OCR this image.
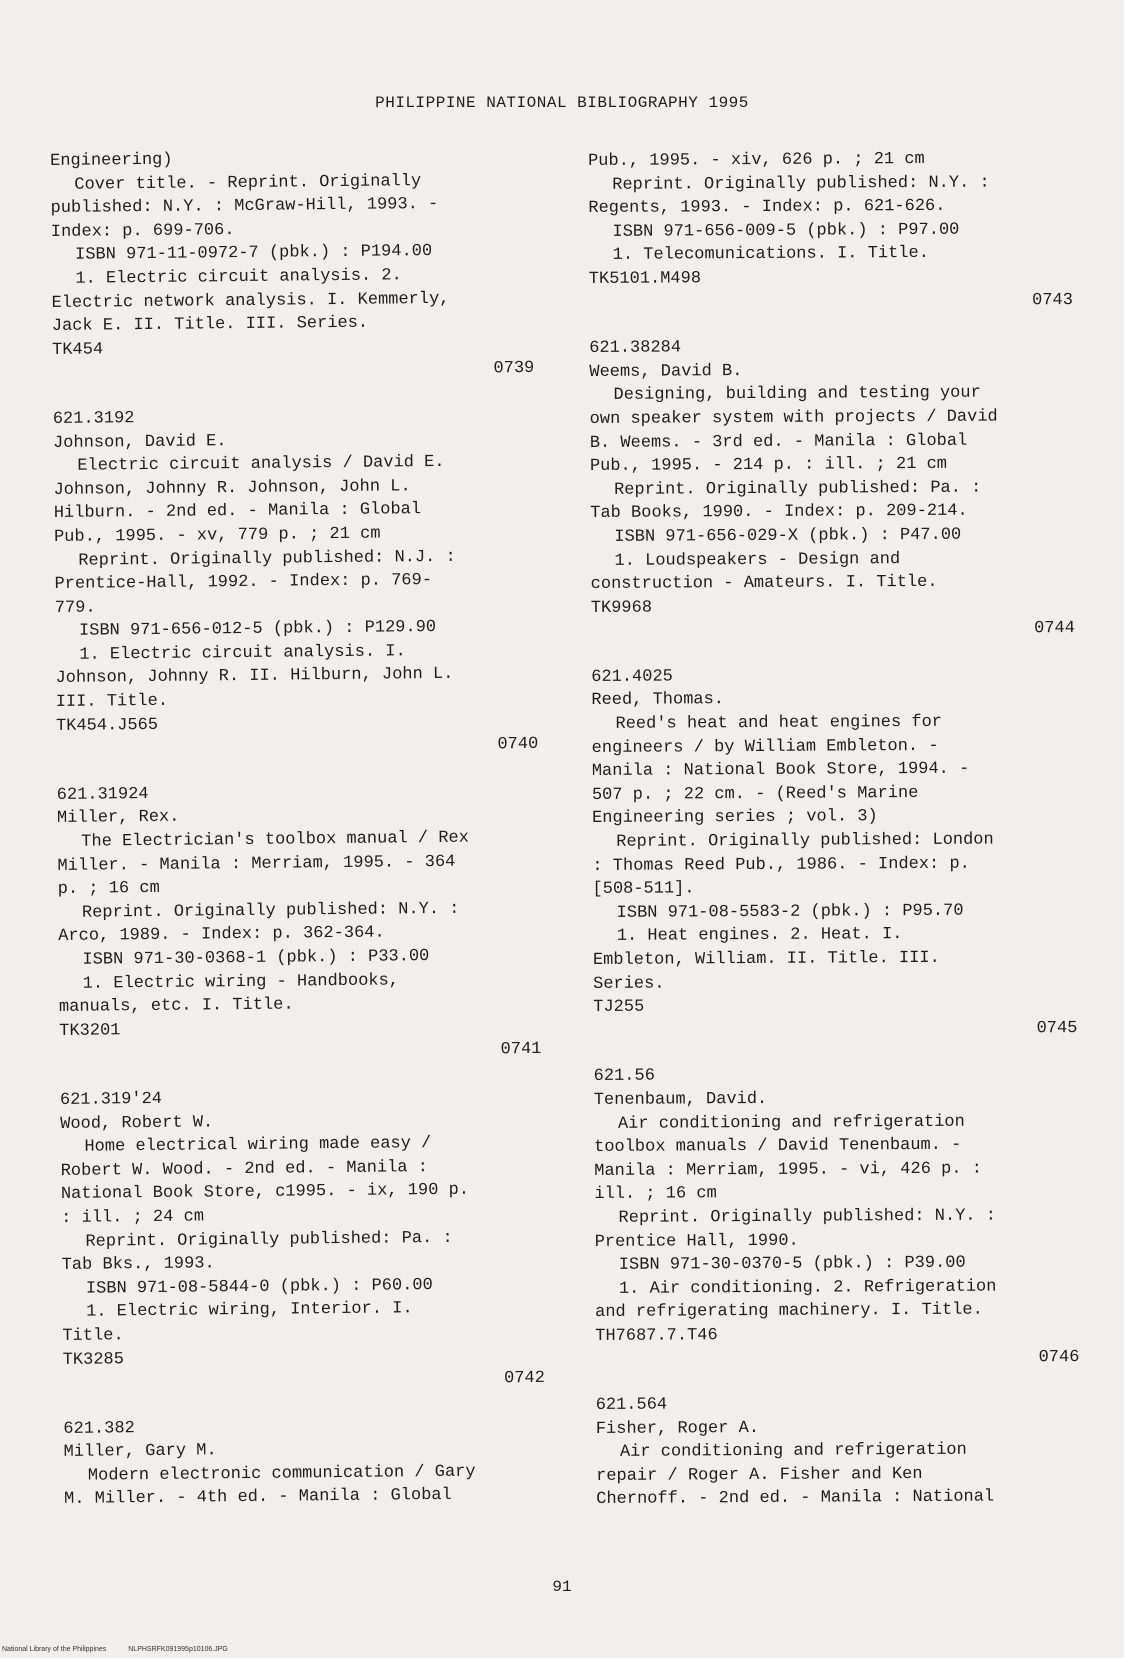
PHILIPPINE NATIONAL BIBLIOGRAPHY 1995
Engineering)
Cover title. - Reprint. Originally
published: N.Y. : McGraw-Hill, 1993. -
Index: p. 699-706.
ISBN 971-11-0972-7 (pbk.) : P194.00
1. Electric circuit analysis. 2.
Electric network analysis. I. Kemmerly,
Jack E. II. Title. III. Series.
TK454
0739
621.3192
Johnson, David E.
Electric circuit analysis / David E.
Johnson, Johnny R. Johnson, John L.
Hilburn. - 2nd ed. - Manila : Global
Pub., 1995. - xv, 779 p. ; 21 cm
Reprint. Originally published: N.J. :
Prentice-Hall, 1992. - Index: p. 769-
779.
ISBN 971-656-012-5 (pbk.) : P129.90
1. Electric circuit analysis. I.
Johnson, Johnny R. II. Hilburn, John L.
III. Title.
TK454.J565
0740
621.31924
Miller, Rex.
The Electrician's toolbox manual / Rex
Miller. - Manila : Merriam, 1995. - 364
p. ; 16 cm
Reprint. Originally published: N.Y. :
Arco, 1989. - Index: p. 362-364.
ISBN 971-30-0368-1 (pbk.) : P33.00
1. Electric wiring - Handbooks,
manuals, etc. I. Title.
TK3201
0741
621.319'24
Wood, Robert W.
Home electrical wiring made easy /
Robert W. Wood. - 2nd ed. - Manila :
National Book Store, c1995. - ix, 190 p.
: ill. ; 24 cm
Reprint. Originally published: Pa. :
Tab Bks., 1993.
ISBN 971-08-5844-0 (pbk.) : P60.00
1. Electric wiring, Interior. I.
Title.
TK3285
0742
621.382
Miller, Gary M.
Modern electronic communication / Gary
M. Miller. - 4th ed. - Manila : Global
Pub., 1995. - xiv, 626 p. ; 21 cm
Reprint. Originally published: N.Y. :
Regents, 1993. - Index: p. 621-626.
ISBN 971-656-009-5 (pbk.) : P97.00
1. Telecomunications. I. Title.
TK5101.M498
0743
621.38284
Weems, David B.
Designing, building and testing your
own speaker system with projects / David
B. Weems. - 3rd ed. - Manila : Global
Pub., 1995. - 214 p. : ill. ; 21 cm
Reprint. Originally published: Pa. :
Tab Books, 1990. - Index: p. 209-214.
ISBN 971-656-029-X (pbk.) : P47.00
1. Loudspeakers - Design and
construction - Amateurs. I. Title.
TK9968
0744
621.4025
Reed, Thomas.
Reed's heat and heat engines for
engineers / by William Embleton. -
Manila : National Book Store, 1994. -
507 p. ; 22 cm. - (Reed's Marine
Engineering series ; vol. 3)
Reprint. Originally published: London
: Thomas Reed Pub., 1986. - Index: p.
[508-511].
ISBN 971-08-5583-2 (pbk.) : P95.70
1. Heat engines. 2. Heat. I.
Embleton, William. II. Title. III.
Series.
TJ255
0745
621.56
Tenenbaum, David.
Air conditioning and refrigeration
toolbox manuals / David Tenenbaum. -
Manila : Merriam, 1995. - vi, 426 p. :
ill. ; 16 cm
Reprint. Originally published: N.Y. :
Prentice Hall, 1990.
ISBN 971-30-0370-5 (pbk.) : P39.00
1. Air conditioning. 2. Refrigeration
and refrigerating machinery. I. Title.
TH7687.7.T46
0746
621.564
Fisher, Roger A.
Air conditioning and refrigeration
repair / Roger A. Fisher and Ken
Chernoff. - 2nd ed. - Manila : National
91
National Library of the Philippines	NLPHSRFK091995p10106.JPG
